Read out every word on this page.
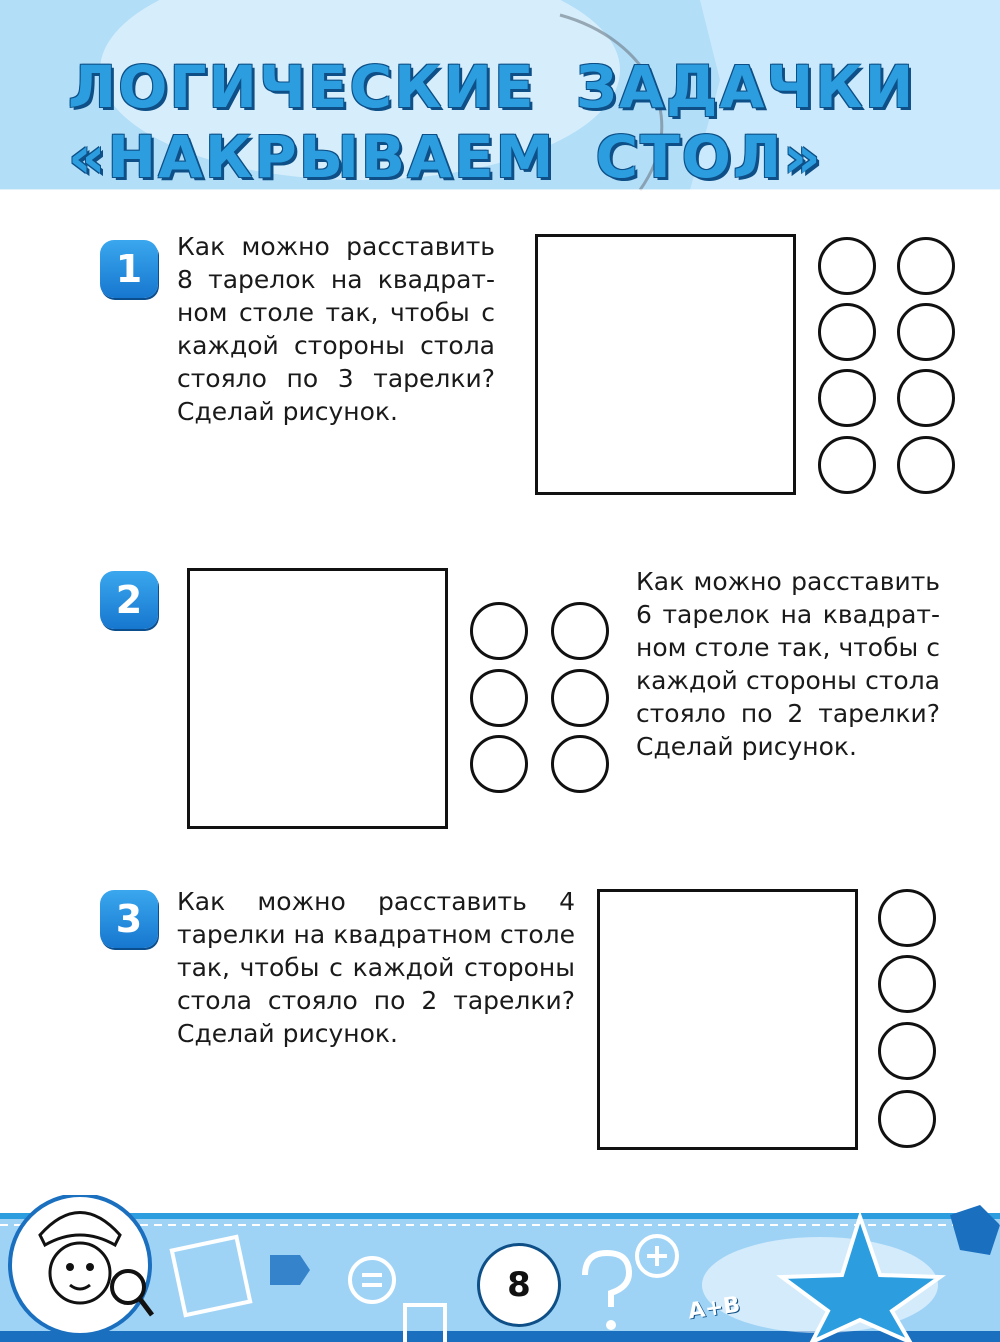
ЛОГИЧЕСКИЕ ЗАДАЧКИ
«НАКРЫВАЕМ СТОЛ»
1
Как можно расставить 8 тарелок на квадратном столе так, чтобы с каждой стороны стола стояло по 3 тарелки? Сделай рисунок.
2	Как можно расставить 6 тарелок на квадратном столе так, чтобы с каждой стороны стола стояло по 2 тарелки? Сделай рисунок.
3	Как можно расставить 4 тарелки на квадратном столе так, чтобы с каждой стороны стола стояло по 2 тарелки? Сделай рисунок.
8
A+B
